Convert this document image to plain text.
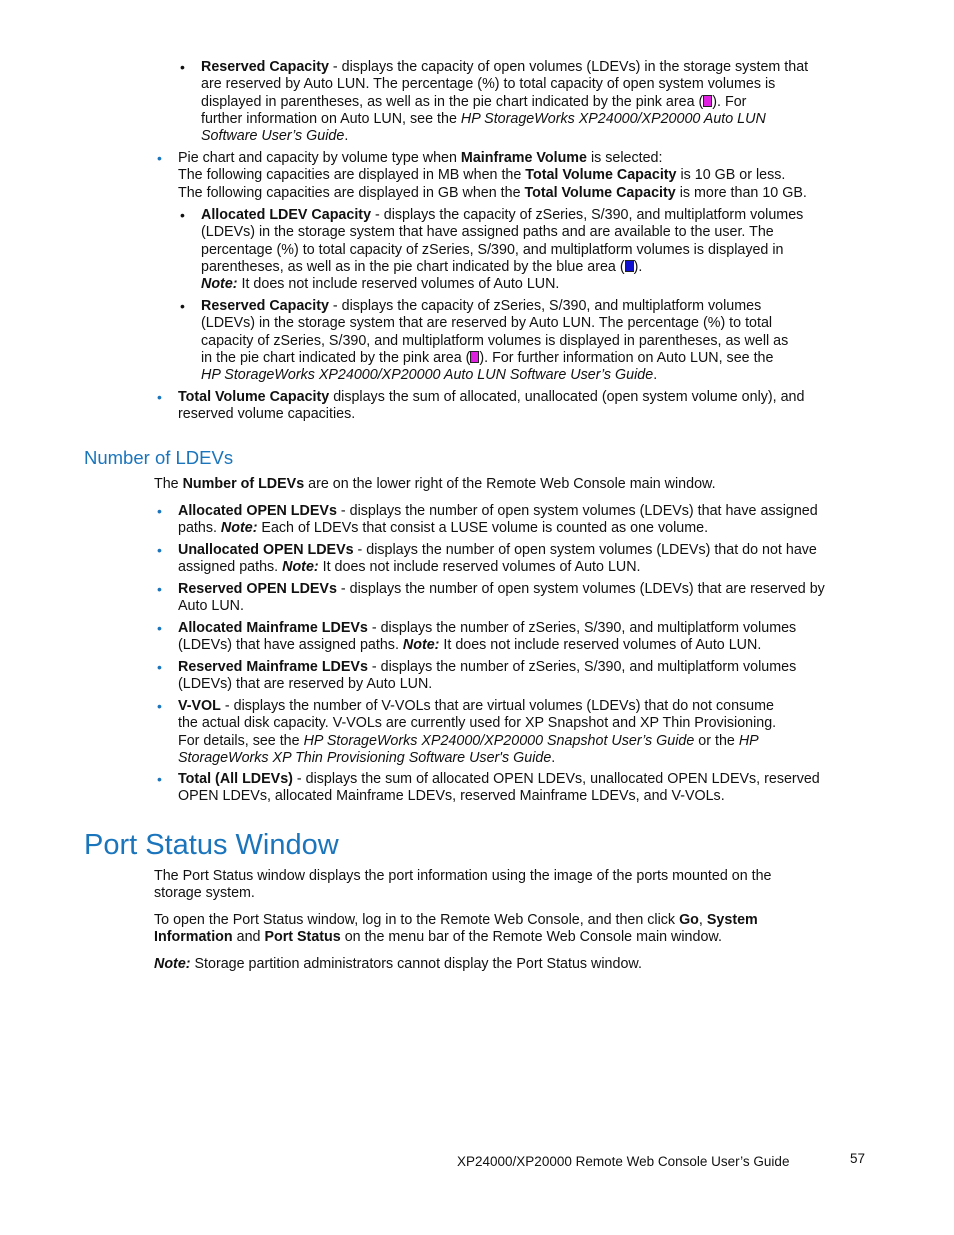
• Reserved Capacity - displays the capacity of open volumes (LDEVs) in the storage system that
are reserved by Auto LUN. The percentage (%) to total capacity of open system volumes is
displayed in parentheses, as well as in the pie chart indicated by the pink area ( ). For
further information on Auto LUN, see the HP StorageWorks XP24000/XP20000 Auto LUN
Software User’s Guide.
• Pie chart and capacity by volume type when Mainframe Volume is selected:
The following capacities are displayed in MB when the Total Volume Capacity is 10 GB or less.
The following capacities are displayed in GB when the Total Volume Capacity is more than 10 GB.
• Allocated LDEV Capacity - displays the capacity of zSeries, S/390, and multiplatform volumes
(LDEVs) in the storage system that have assigned paths and are available to the user. The
percentage (%) to total capacity of zSeries, S/390, and multiplatform volumes is displayed in
parentheses, as well as in the pie chart indicated by the blue area ( ).
Note: It does not include reserved volumes of Auto LUN.
• Reserved Capacity - displays the capacity of zSeries, S/390, and multiplatform volumes
(LDEVs) in the storage system that are reserved by Auto LUN. The percentage (%) to total
capacity of zSeries, S/390, and multiplatform volumes is displayed in parentheses, as well as
in the pie chart indicated by the pink area ( ). For further information on Auto LUN, see the
HP StorageWorks XP24000/XP20000 Auto LUN Software User’s Guide.
• Total Volume Capacity displays the sum of allocated, unallocated (open system volume only), and
reserved volume capacities.
Number of LDEVs
The Number of LDEVs are on the lower right of the Remote Web Console main window.
• Allocated OPEN LDEVs - displays the number of open system volumes (LDEVs) that have assigned
paths. Note: Each of LDEVs that consist a LUSE volume is counted as one volume.
• Unallocated OPEN LDEVs - displays the number of open system volumes (LDEVs) that do not have
assigned paths. Note: It does not include reserved volumes of Auto LUN.
• Reserved OPEN LDEVs - displays the number of open system volumes (LDEVs) that are reserved by
Auto LUN.
• Allocated Mainframe LDEVs - displays the number of zSeries, S/390, and multiplatform volumes
(LDEVs) that have assigned paths. Note: It does not include reserved volumes of Auto LUN.
• Reserved Mainframe LDEVs - displays the number of zSeries, S/390, and multiplatform volumes
(LDEVs) that are reserved by Auto LUN.
• V-VOL - displays the number of V-VOLs that are virtual volumes (LDEVs) that do not consume
the actual disk capacity. V-VOLs are currently used for XP Snapshot and XP Thin Provisioning.
For details, see the HP StorageWorks XP24000/XP20000 Snapshot User’s Guide or the HP
StorageWorks XP Thin Provisioning Software User's Guide.
• Total (All LDEVs) - displays the sum of allocated OPEN LDEVs, unallocated OPEN LDEVs, reserved
OPEN LDEVs, allocated Mainframe LDEVs, reserved Mainframe LDEVs, and V-VOLs.
Port Status Window
The Port Status window displays the port information using the image of the ports mounted on the
storage system.
To open the Port Status window, log in to the Remote Web Console, and then click Go, System
Information and Port Status on the menu bar of the Remote Web Console main window.
Note: Storage partition administrators cannot display the Port Status window.
XP24000/XP20000 Remote Web Console User’s Guide	57
